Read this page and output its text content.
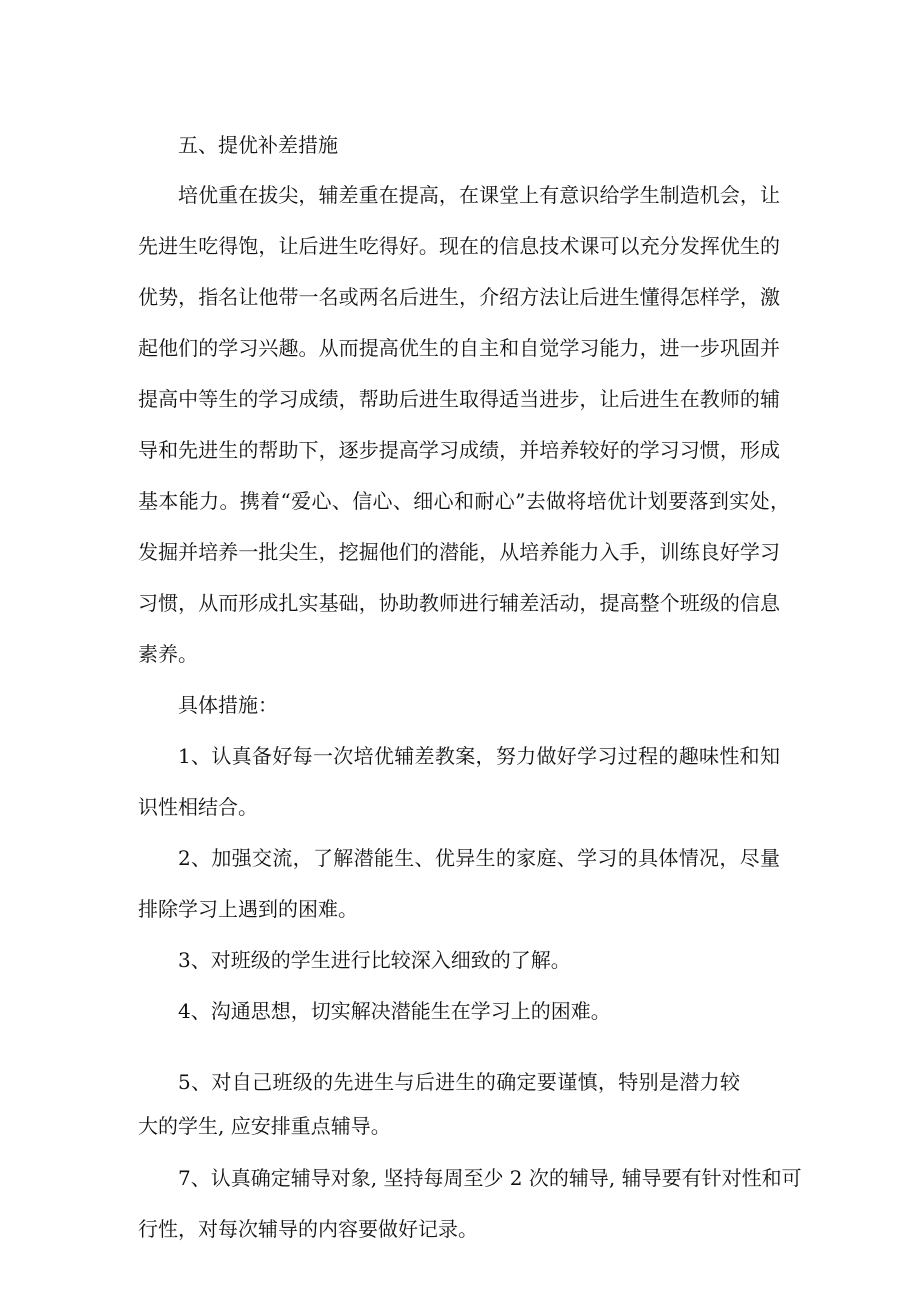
五、提优补差措施
培优重在拔尖，辅差重在提高，在课堂上有意识给学生制造机会，让
先进生吃得饱，让后进生吃得好。现在的信息技术课可以充分发挥优生的
优势，指名让他带一名或两名后进生，介绍方法让后进生懂得怎样学，激
起他们的学习兴趣。从而提高优生的自主和自觉学习能力，进一步巩固并
提高中等生的学习成绩，帮助后进生取得适当进步，让后进生在教师的辅
导和先进生的帮助下，逐步提高学习成绩，并培养较好的学习习惯，形成
基本能力。携着“爱心、信心、细心和耐心”去做将培优计划要落到实处，
发掘并培养一批尖生，挖掘他们的潜能，从培养能力入手，训练良好学习
习惯，从而形成扎实基础，协助教师进行辅差活动，提高整个班级的信息
素养。
具体措施：
1、认真备好每一次培优辅差教案，努力做好学习过程的趣味性和知
识性相结合。
2、加强交流，了解潜能生、优异生的家庭、学习的具体情况，尽量
排除学习上遇到的困难。
3、对班级的学生进行比较深入细致的了解。
4、沟通思想，切实解决潜能生在学习上的困难。
5、对自己班级的先进生与后进生的确定要谨慎，特别是潜力较
大的学生, 应安排重点辅导。
7、认真确定辅导对象, 坚持每周至少 2 次的辅导, 辅导要有针对性和可
行性，对每次辅导的内容要做好记录。
